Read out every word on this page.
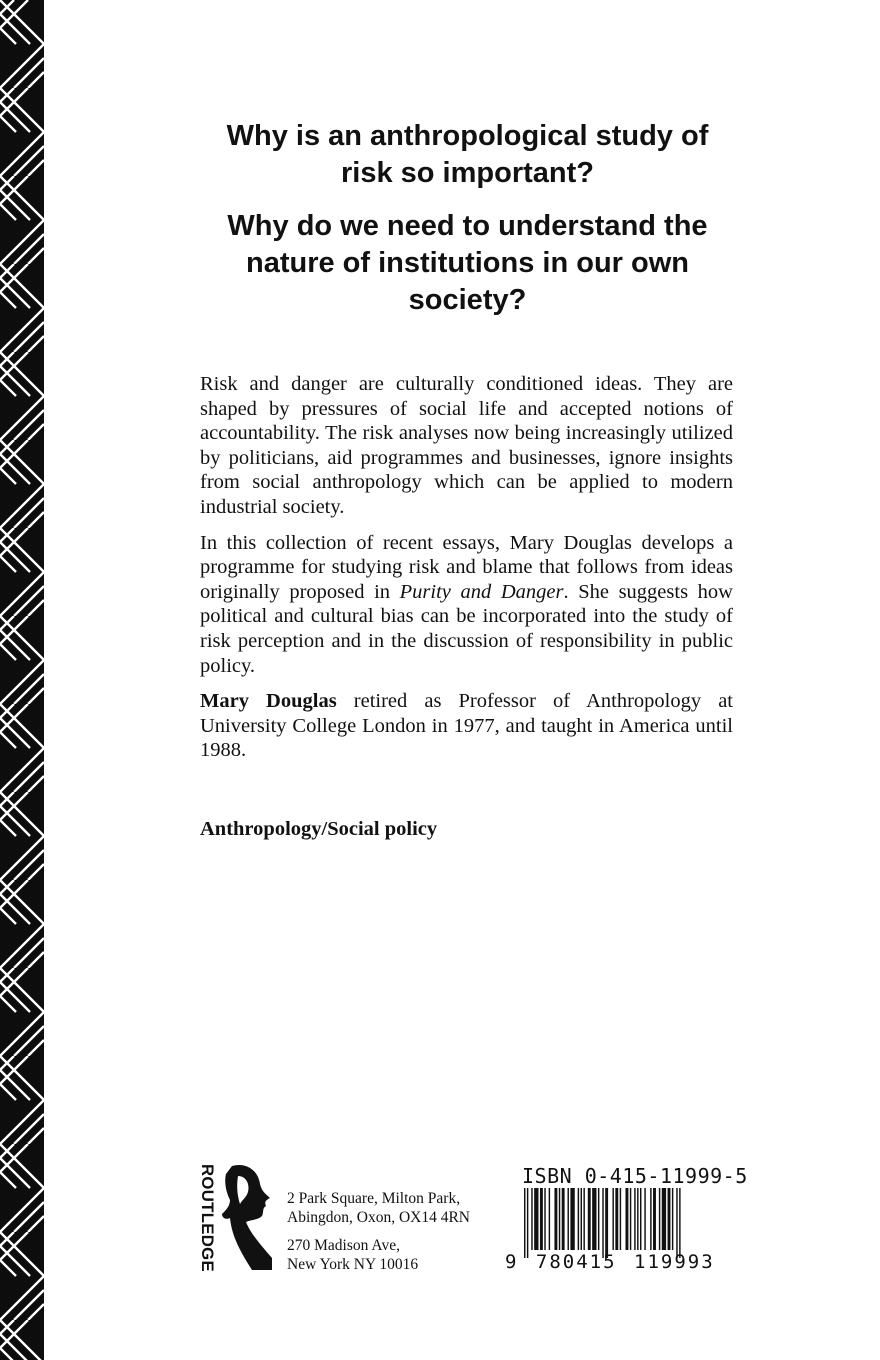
Why is an anthropological study of risk so important?

Why do we need to understand the nature of institutions in our own society?

Risk and danger are culturally conditioned ideas. They are shaped by pressures of social life and accepted notions of accountability. The risk analyses now being increasingly utilized by politicians, aid programmes and businesses, ignore insights from social anthropology which can be applied to modern industrial society.

In this collection of recent essays, Mary Douglas develops a programme for studying risk and blame that follows from ideas originally proposed in Purity and Danger. She suggests how political and cultural bias can be incorporated into the study of risk perception and in the discussion of responsibility in public policy.

Mary Douglas retired as Professor of Anthropology at University College London in 1977, and taught in America until 1988.

Anthropology/Social policy
ROUTLEDGE	2 Park Square, Milton Park,
Abingdon, Oxon, OX14 4RN

270 Madison Ave,
New York NY 10016

ISBN 0-415-11999-5
9 780415 119993
